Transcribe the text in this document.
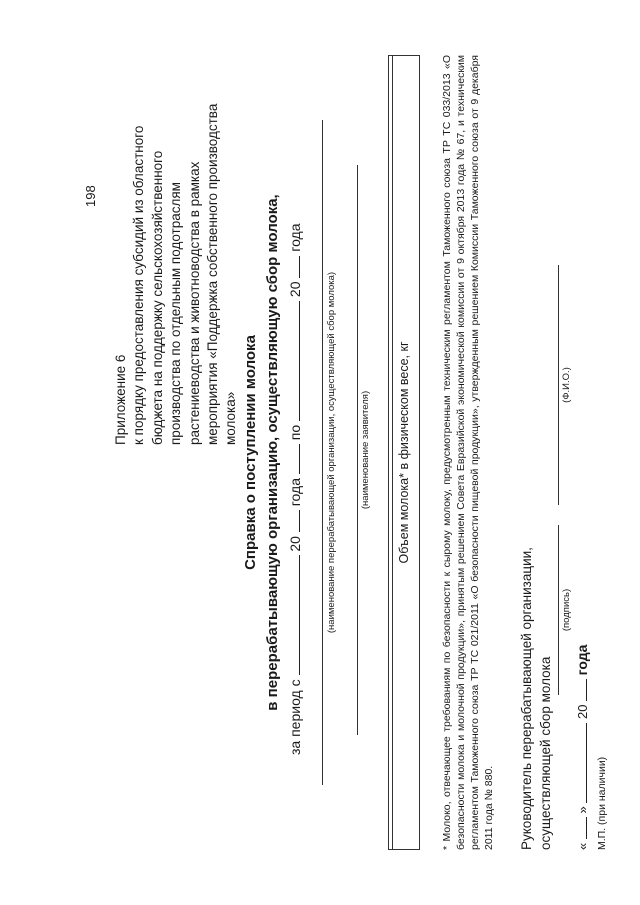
198
Приложение 6 к порядку предоставления субсидий из областного бюджета на поддержку сельскохозяйственного производства по отдельным подотраслям растениеводства и животноводства в рамках мероприятия «Поддержка собственного производства молока» Справка о поступлении молока в перерабатывающую организацию, осуществляющую сбор молока,
за период с  20  года  по  20  года
(наименование перерабатывающей организации, осуществляющей сбор молока) (наименование заявителя)	Объем молока* в физическом весе, кг	* Молоко, отвечающее требованиям по безопасности к сырому молоку, предусмотренным техническим регламентом Таможенного союза ТР ТС 033/2013 «О безопасности молока и молочной продукции», принятым решением Совета Евразийской экономической комиссии от 9 октября 2013 года № 67, и техническим регламентом Таможенного союза ТР ТС 021/2011 «О безопасности пищевой продукции», утвержденным решением Комиссии Таможенного союза от 9 декабря 2011 года № 880. Руководитель перерабатывающей организации, осуществляющей сбор молока
(подпись)
(Ф.И.О.)
«  »  20  года
М.П. (при наличии)
